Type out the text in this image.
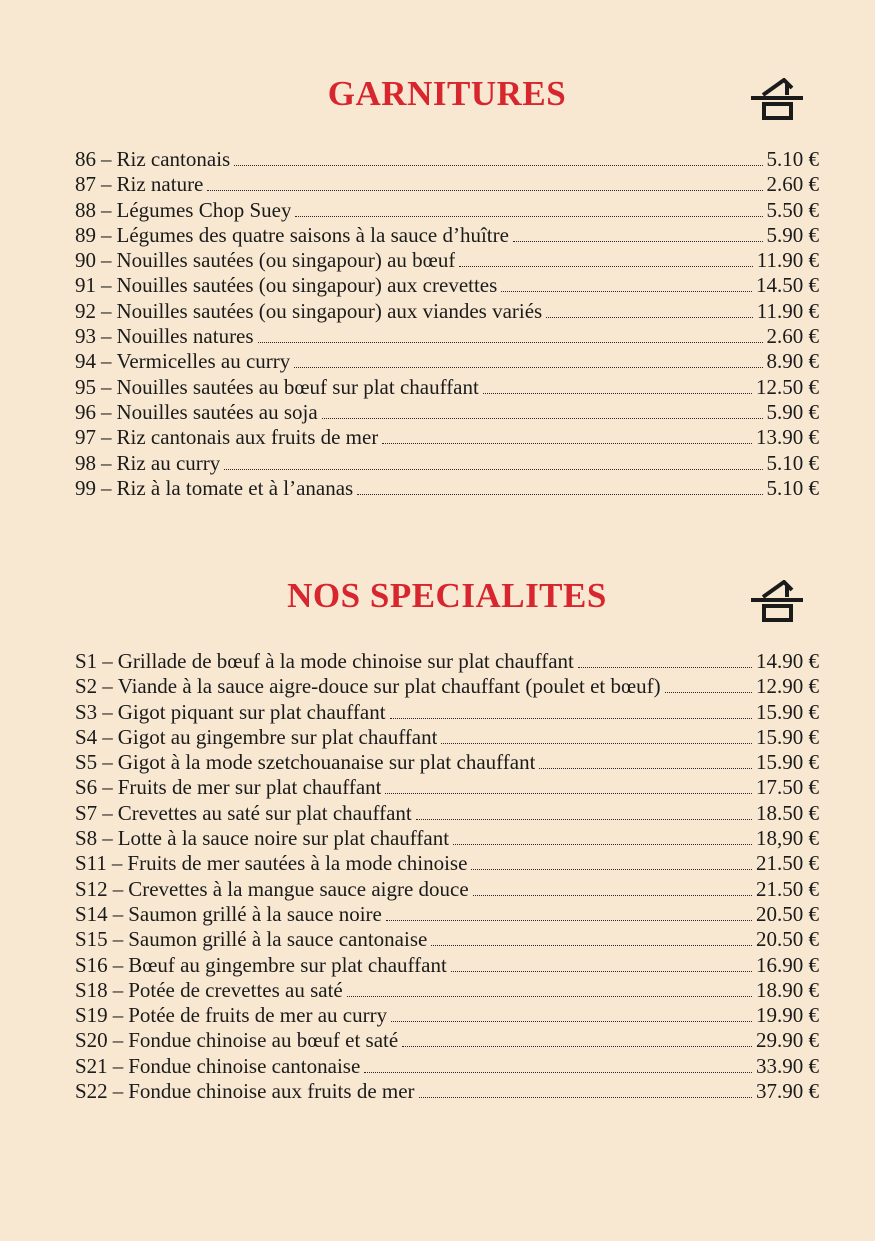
GARNITURES
86 – Riz cantonais	5.10 €
87 – Riz nature	2.60 €
88 – Légumes Chop Suey	5.50 €
89 – Légumes des quatre saisons à la sauce d’huître	5.90 €
90 – Nouilles sautées (ou singapour) au bœuf	11.90 €
91 – Nouilles sautées (ou singapour) aux crevettes	14.50 €
92 – Nouilles sautées (ou singapour) aux viandes variés	11.90 €
93 – Nouilles natures	2.60 €
94 – Vermicelles au curry	8.90 €
95 – Nouilles sautées au bœuf sur plat chauffant	12.50 €
96 – Nouilles sautées au soja	5.90 €
97 – Riz cantonais aux fruits de mer	13.90 €
98 – Riz au curry	5.10 €
99 – Riz à la tomate et à l’ananas	5.10 €
NOS SPECIALITES
S1 – Grillade de bœuf à la mode chinoise sur plat chauffant	14.90 €
S2 – Viande à la sauce aigre-douce sur plat chauffant (poulet et bœuf)	12.90 €
S3 – Gigot piquant sur plat chauffant	15.90 €
S4 – Gigot au gingembre sur plat chauffant	15.90 €
S5 – Gigot à la mode szetchouanaise sur plat chauffant	15.90 €
S6 – Fruits de mer sur plat chauffant	17.50 €
S7 – Crevettes au saté sur plat chauffant	18.50 €
S8 – Lotte à la sauce noire sur plat chauffant	18,90 €
S11 – Fruits de mer sautées à la mode chinoise	21.50 €
S12 – Crevettes à la mangue sauce aigre douce	21.50 €
S14 – Saumon grillé à la sauce noire	20.50 €
S15 – Saumon grillé à la sauce cantonaise	20.50 €
S16 – Bœuf au gingembre sur plat chauffant	16.90 €
S18 – Potée de crevettes au saté	18.90 €
S19 – Potée de fruits de mer au curry	19.90 €
S20 – Fondue chinoise au bœuf et saté	29.90 €
S21 – Fondue chinoise cantonaise	33.90 €
S22 – Fondue chinoise aux fruits de mer	37.90 €
